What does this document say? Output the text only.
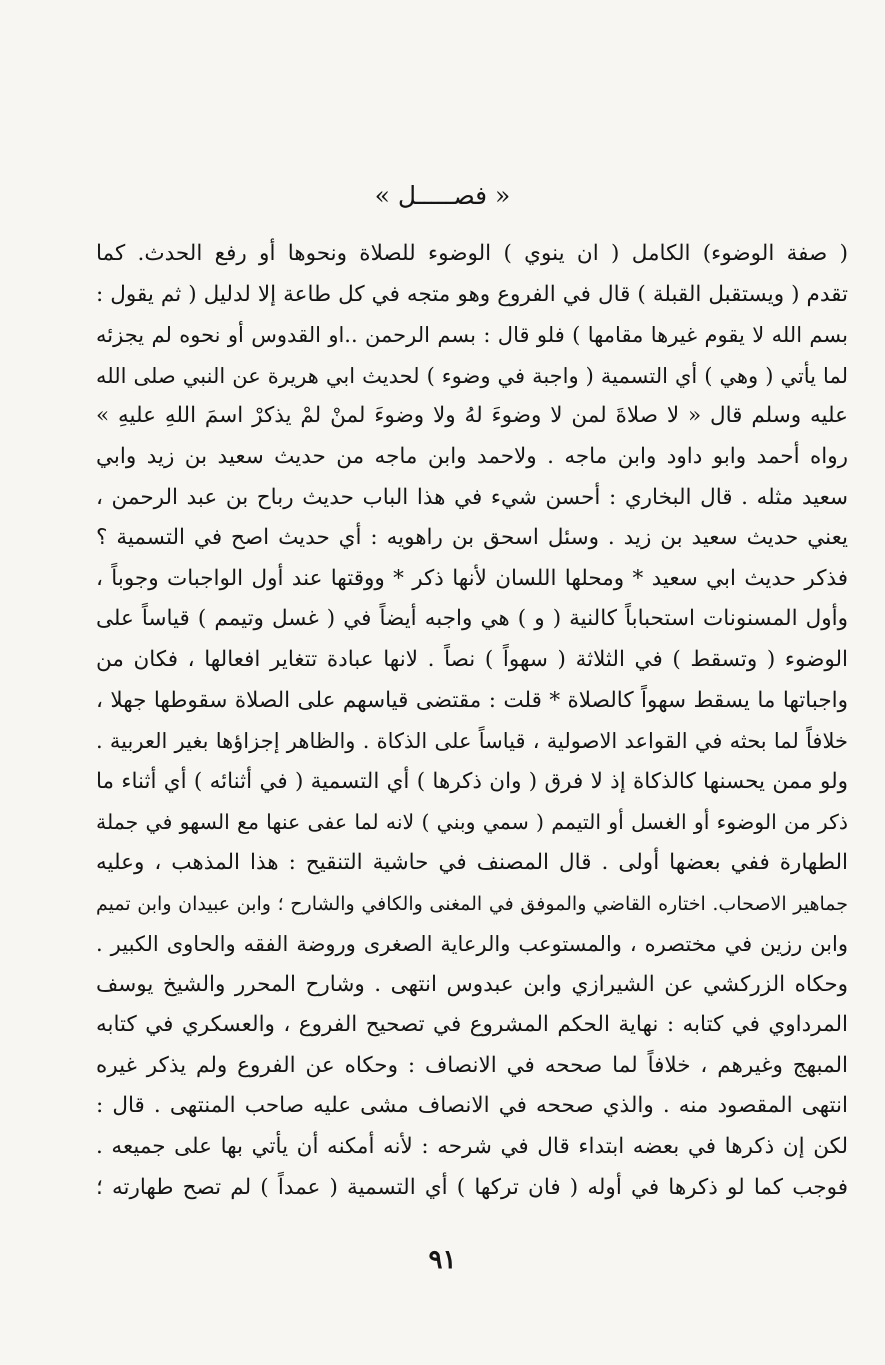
« فصـــــل »
( صفة الوضوء) الكامل ( ان ينوي ) الوضوء للصلاة ونحوها أو رفع الحدث. كما
تقدم ( ويستقبل القبلة ) قال في الفروع وهو متجه في كل طاعة إلا لدليل ( ثم يقول :
بسم الله لا يقوم غيرها مقامها ) فلو قال : بسم الرحمن ..او القدوس أو نحوه لم يجزئه
لما يأتي ( وهي ) أي التسمية ( واجبة في وضوء ) لحديث ابي هريرة عن النبي صلى الله
عليه وسلم قال « لا صلاةَ لمن لا وضوءَ لهُ ولا وضوءَ لمنْ لمْ يذكرْ اسمَ اللهِ عليهِ »
رواه أحمد وابو داود وابن ماجه . ولاحمد وابن ماجه من حديث سعيد بن زيد وابي
سعيد مثله . قال البخاري : أحسن شيء في هذا الباب حديث رباح بن عبد الرحمن ،
يعني حديث سعيد بن زيد . وسئل اسحق بن راهويه : أي حديث اصح في التسمية ؟
فذكر حديث ابي سعيد * ومحلها اللسان لأنها ذكر * ووقتها عند أول الواجبات وجوباً ،
وأول المسنونات استحباباً كالنية ( و ) هي واجبه أيضاً في ( غسل وتيمم ) قياساً على
الوضوء ( وتسقط ) في الثلاثة ( سهواً ) نصاً . لانها عبادة تتغاير افعالها ، فكان من
واجباتها ما يسقط سهواً كالصلاة * قلت : مقتضى قياسهم على الصلاة سقوطها جهلا ،
خلافاً لما بحثه في القواعد الاصولية ، قياساً على الذكاة . والظاهر إجزاؤها بغير العربية .
ولو ممن يحسنها كالذكاة إذ لا فرق ( وان ذكرها ) أي التسمية ( في أثنائه ) أي أثناء ما
ذكر من الوضوء أو الغسل أو التيمم ( سمي وبني ) لانه لما عفى عنها مع السهو في جملة
الطهارة ففي بعضها أولى . قال المصنف في حاشية التنقيح : هذا المذهب ، وعليه
جماهير الاصحاب. اختاره القاضي والموفق في المغنى والكافي والشارح ؛ وابن عبيدان وابن تميم
وابن رزين في مختصره ، والمستوعب والرعاية الصغرى وروضة الفقه والحاوى الكبير .
وحكاه الزركشي عن الشيرازي وابن عبدوس انتهى . وشارح المحرر والشيخ يوسف
المرداوي في كتابه : نهاية الحكم المشروع في تصحيح الفروع ، والعسكري في كتابه
المبهج وغيرهم ، خلافاً لما صححه في الانصاف : وحكاه عن الفروع ولم يذكر غيره
انتهى المقصود منه . والذي صححه في الانصاف مشى عليه صاحب المنتهى . قال :
لكن إن ذكرها في بعضه ابتداء قال في شرحه : لأنه أمكنه أن يأتي بها على جميعه .
فوجب كما لو ذكرها في أوله ( فان تركها ) أي التسمية ( عمداً ) لم تصح طهارته ؛
٩١
